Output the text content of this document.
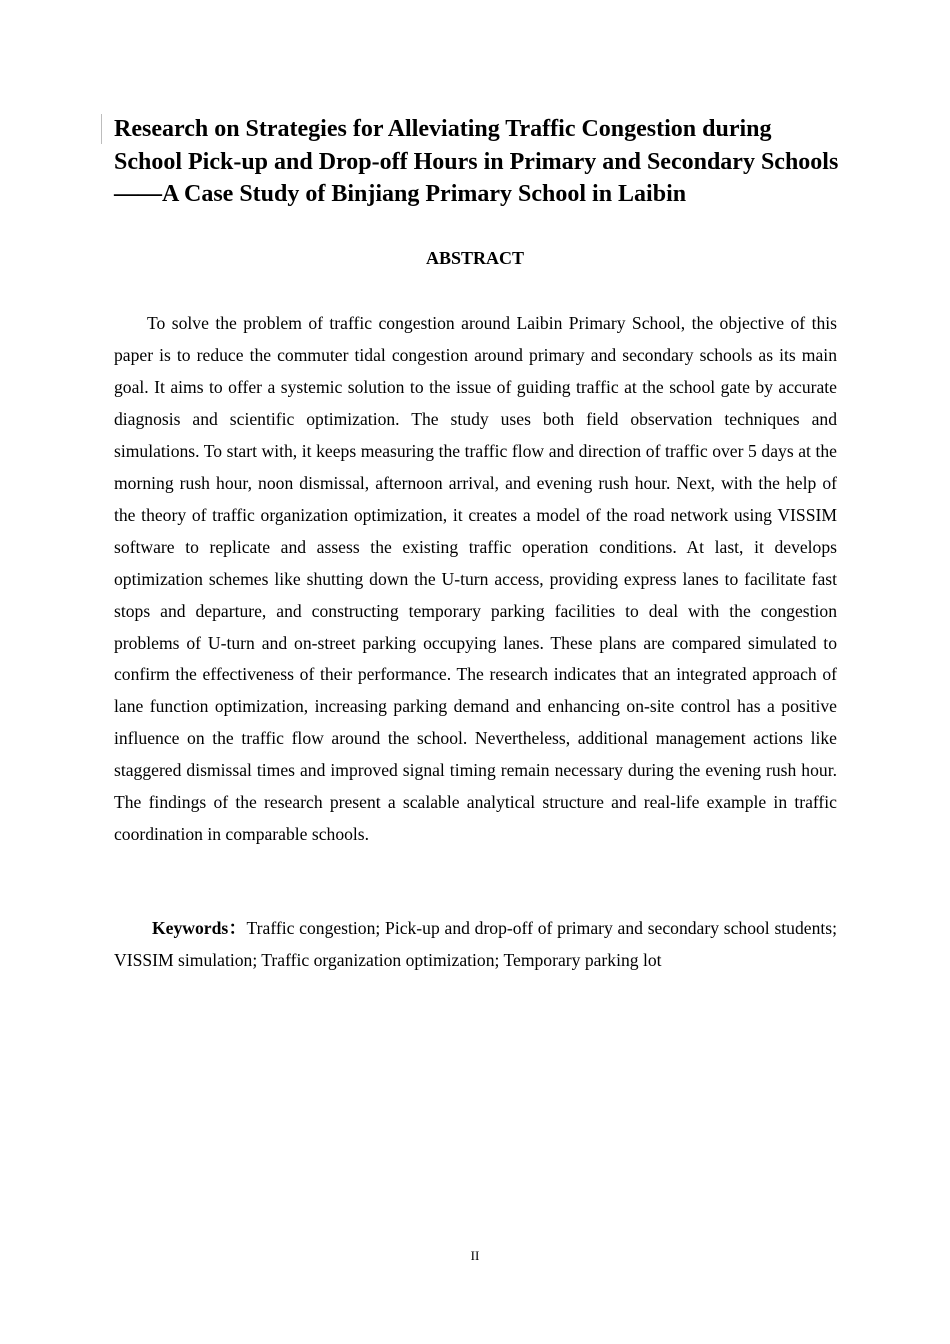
Research on Strategies for Alleviating Traffic Congestion during School Pick-up and Drop-off Hours in Primary and Secondary Schools——A Case Study of Binjiang Primary School in Laibin
ABSTRACT

To solve the problem of traffic congestion around Laibin Primary School, the objective of this paper is to reduce the commuter tidal congestion around primary and secondary schools as its main goal. It aims to offer a systemic solution to the issue of guiding traffic at the school gate by accurate diagnosis and scientific optimization. The study uses both field observation techniques and simulations. To start with, it keeps measuring the traffic flow and direction of traffic over 5 days at the morning rush hour, noon dismissal, afternoon arrival, and evening rush hour. Next, with the help of the theory of traffic organization optimization, it creates a model of the road network using VISSIM software to replicate and assess the existing traffic operation conditions. At last, it develops optimization schemes like shutting down the U-turn access, providing express lanes to facilitate fast stops and departure, and constructing temporary parking facilities to deal with the congestion problems of U-turn and on-street parking occupying lanes. These plans are compared simulated to confirm the effectiveness of their performance. The research indicates that an integrated approach of lane function optimization, increasing parking demand and enhancing on-site control has a positive influence on the traffic flow around the school. Nevertheless, additional management actions like staggered dismissal times and improved signal timing remain necessary during the evening rush hour. The findings of the research present a scalable analytical structure and real-life example in traffic coordination in comparable schools.

Keywords：Traffic congestion; Pick-up and drop-off of primary and secondary school students; VISSIM simulation; Traffic organization optimization; Temporary parking lot

II
